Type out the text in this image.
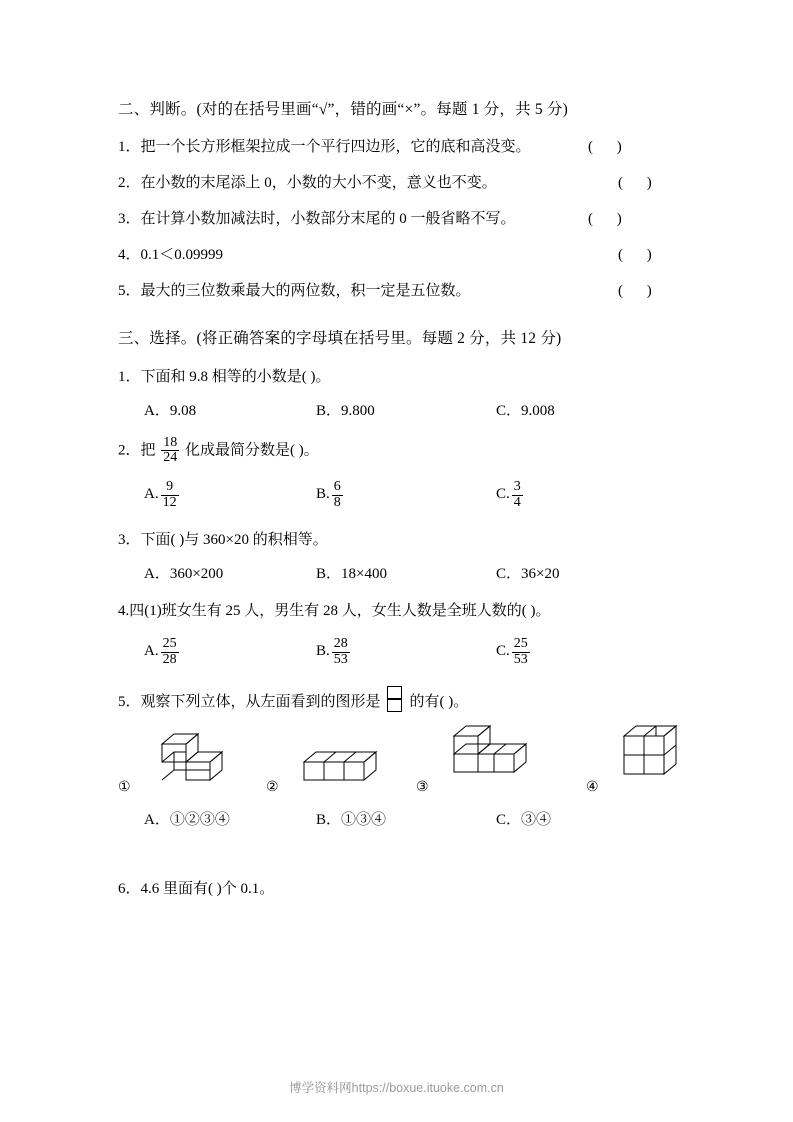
二、判断。(对的在括号里画“√”，错的画“×”。每题 1 分，共 5 分)
1．把一个长方形框架拉成一个平行四边形，它的底和高没变。	( )
2．在小数的末尾添上 0，小数的大小不变，意义也不变。	( )
3．在计算小数加减法时，小数部分末尾的 0 一般省略不写。	( )
4．0.1＜0.09999	( )
5．最大的三位数乘最大的两位数，积一定是五位数。	( )
三、选择。(将正确答案的字母填在括号里。每题 2 分，共 12 分)
1．下面和 9.8 相等的小数是( )。
A．9.08	B．9.800	C．9.008
2．把 $\frac{18}{24}$ 化成最简分数是( )。
A. $\frac{9}{12}$	B. $\frac{6}{8}$	C. $\frac{3}{4}$
3．下面( )与 360×20 的积相等。
A．360×200	B．18×400	C．36×20
4.四(1)班女生有 25 人，男生有 28 人，女生人数是全班人数的( )。
A. $\frac{25}{28}$	B. $\frac{28}{53}$	C. $\frac{25}{53}$
5．观察下列立体，从左面看到的图形是 的有( )。
①	②	③	④
A．①②③④	B．①③④	C．③④
6．4.6 里面有( )个 0.1。
博学资料网https://boxue.ituoke.com.cn
